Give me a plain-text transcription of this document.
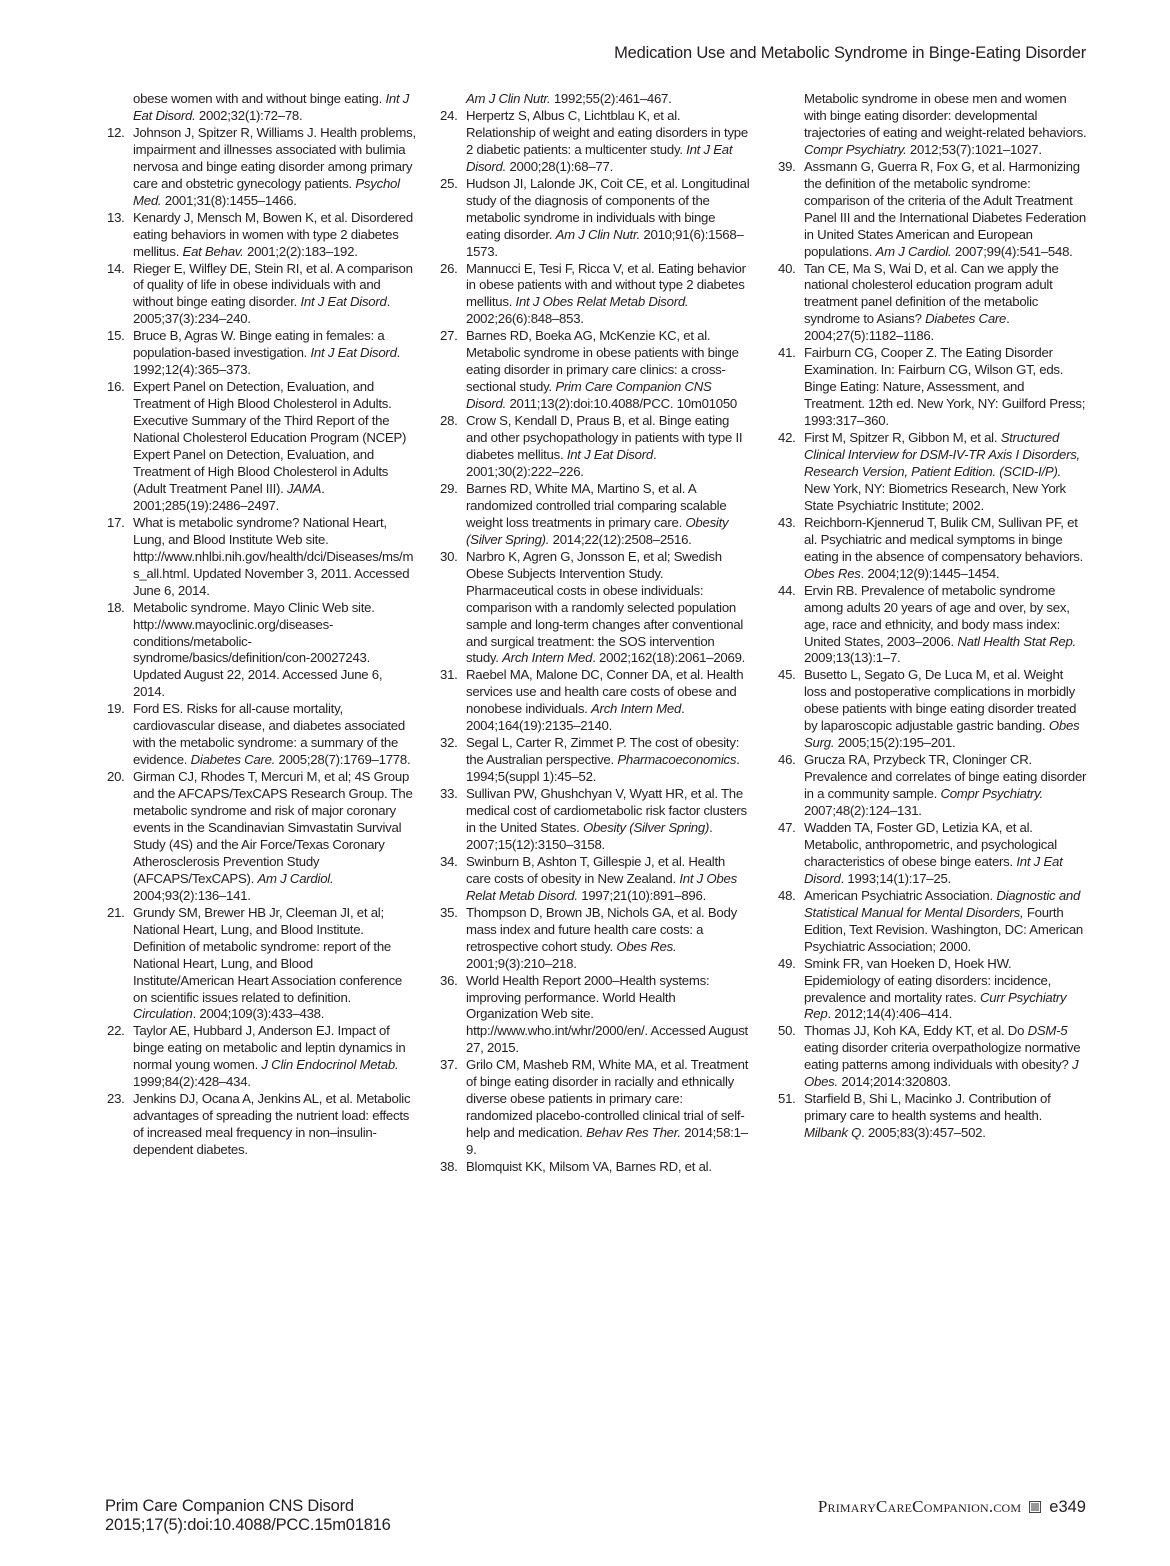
Medication Use and Metabolic Syndrome in Binge-Eating Disorder
obese women with and without binge eating. Int J Eat Disord. 2002;32(1):72–78.
12. Johnson J, Spitzer R, Williams J. Health problems, impairment and illnesses associated with bulimia nervosa and binge eating disorder among primary care and obstetric gynecology patients. Psychol Med. 2001;31(8):1455–1466.
13. Kenardy J, Mensch M, Bowen K, et al. Disordered eating behaviors in women with type 2 diabetes mellitus. Eat Behav. 2001;2(2):183–192.
14. Rieger E, Wilfley DE, Stein RI, et al. A comparison of quality of life in obese individuals with and without binge eating disorder. Int J Eat Disord. 2005;37(3):234–240.
15. Bruce B, Agras W. Binge eating in females: a population-based investigation. Int J Eat Disord. 1992;12(4):365–373.
16. Expert Panel on Detection, Evaluation, and Treatment of High Blood Cholesterol in Adults. Executive Summary of the Third Report of the National Cholesterol Education Program (NCEP) Expert Panel on Detection, Evaluation, and Treatment of High Blood Cholesterol in Adults (Adult Treatment Panel III). JAMA. 2001;285(19):2486–2497.
17. What is metabolic syndrome? National Heart, Lung, and Blood Institute Web site. http://www.nhlbi.nih.gov/health/dci/Diseases/ms/ms_all.html. Updated November 3, 2011. Accessed June 6, 2014.
18. Metabolic syndrome. Mayo Clinic Web site. http://www.mayoclinic.org/diseases-conditions/metabolic-syndrome/basics/definition/con-20027243. Updated August 22, 2014. Accessed June 6, 2014.
19. Ford ES. Risks for all-cause mortality, cardiovascular disease, and diabetes associated with the metabolic syndrome: a summary of the evidence. Diabetes Care. 2005;28(7):1769–1778.
20. Girman CJ, Rhodes T, Mercuri M, et al; 4S Group and the AFCAPS/TexCAPS Research Group. The metabolic syndrome and risk of major coronary events in the Scandinavian Simvastatin Survival Study (4S) and the Air Force/Texas Coronary Atherosclerosis Prevention Study (AFCAPS/TexCAPS). Am J Cardiol. 2004;93(2):136–141.
21. Grundy SM, Brewer HB Jr, Cleeman JI, et al; National Heart, Lung, and Blood Institute. Definition of metabolic syndrome: report of the National Heart, Lung, and Blood Institute/American Heart Association conference on scientific issues related to definition. Circulation. 2004;109(3):433–438.
22. Taylor AE, Hubbard J, Anderson EJ. Impact of binge eating on metabolic and leptin dynamics in normal young women. J Clin Endocrinol Metab. 1999;84(2):428–434.
23. Jenkins DJ, Ocana A, Jenkins AL, et al. Metabolic advantages of spreading the nutrient load: effects of increased meal frequency in non–insulin-dependent diabetes.
Am J Clin Nutr. 1992;55(2):461–467.
24. Herpertz S, Albus C, Lichtblau K, et al. Relationship of weight and eating disorders in type 2 diabetic patients: a multicenter study. Int J Eat Disord. 2000;28(1):68–77.
25. Hudson JI, Lalonde JK, Coit CE, et al. Longitudinal study of the diagnosis of components of the metabolic syndrome in individuals with binge eating disorder. Am J Clin Nutr. 2010;91(6):1568–1573.
26. Mannucci E, Tesi F, Ricca V, et al. Eating behavior in obese patients with and without type 2 diabetes mellitus. Int J Obes Relat Metab Disord. 2002;26(6):848–853.
27. Barnes RD, Boeka AG, McKenzie KC, et al. Metabolic syndrome in obese patients with binge eating disorder in primary care clinics: a cross-sectional study. Prim Care Companion CNS Disord. 2011;13(2):doi:10.4088/PCC. 10m01050
28. Crow S, Kendall D, Praus B, et al. Binge eating and other psychopathology in patients with type II diabetes mellitus. Int J Eat Disord. 2001;30(2):222–226.
29. Barnes RD, White MA, Martino S, et al. A randomized controlled trial comparing scalable weight loss treatments in primary care. Obesity (Silver Spring). 2014;22(12):2508–2516.
30. Narbro K, Agren G, Jonsson E, et al; Swedish Obese Subjects Intervention Study. Pharmaceutical costs in obese individuals: comparison with a randomly selected population sample and long-term changes after conventional and surgical treatment: the SOS intervention study. Arch Intern Med. 2002;162(18):2061–2069.
31. Raebel MA, Malone DC, Conner DA, et al. Health services use and health care costs of obese and nonobese individuals. Arch Intern Med. 2004;164(19):2135–2140.
32. Segal L, Carter R, Zimmet P. The cost of obesity: the Australian perspective. Pharmacoeconomics. 1994;5(suppl 1):45–52.
33. Sullivan PW, Ghushchyan V, Wyatt HR, et al. The medical cost of cardiometabolic risk factor clusters in the United States. Obesity (Silver Spring). 2007;15(12):3150–3158.
34. Swinburn B, Ashton T, Gillespie J, et al. Health care costs of obesity in New Zealand. Int J Obes Relat Metab Disord. 1997;21(10):891–896.
35. Thompson D, Brown JB, Nichols GA, et al. Body mass index and future health care costs: a retrospective cohort study. Obes Res. 2001;9(3):210–218.
36. World Health Report 2000–Health systems: improving performance. World Health Organization Web site. http://www.who.int/whr/2000/en/. Accessed August 27, 2015.
37. Grilo CM, Masheb RM, White MA, et al. Treatment of binge eating disorder in racially and ethnically diverse obese patients in primary care: randomized placebo-controlled clinical trial of self-help and medication. Behav Res Ther. 2014;58:1–9.
38. Blomquist KK, Milsom VA, Barnes RD, et al.
Metabolic syndrome in obese men and women with binge eating disorder: developmental trajectories of eating and weight-related behaviors. Compr Psychiatry. 2012;53(7):1021–1027.
39. Assmann G, Guerra R, Fox G, et al. Harmonizing the definition of the metabolic syndrome: comparison of the criteria of the Adult Treatment Panel III and the International Diabetes Federation in United States American and European populations. Am J Cardiol. 2007;99(4):541–548.
40. Tan CE, Ma S, Wai D, et al. Can we apply the national cholesterol education program adult treatment panel definition of the metabolic syndrome to Asians? Diabetes Care. 2004;27(5):1182–1186.
41. Fairburn CG, Cooper Z. The Eating Disorder Examination. In: Fairburn CG, Wilson GT, eds. Binge Eating: Nature, Assessment, and Treatment. 12th ed. New York, NY: Guilford Press; 1993:317–360.
42. First M, Spitzer R, Gibbon M, et al. Structured Clinical Interview for DSM-IV-TR Axis I Disorders, Research Version, Patient Edition. (SCID-I/P). New York, NY: Biometrics Research, New York State Psychiatric Institute; 2002.
43. Reichborn-Kjennerud T, Bulik CM, Sullivan PF, et al. Psychiatric and medical symptoms in binge eating in the absence of compensatory behaviors. Obes Res. 2004;12(9):1445–1454.
44. Ervin RB. Prevalence of metabolic syndrome among adults 20 years of age and over, by sex, age, race and ethnicity, and body mass index: United States, 2003–2006. Natl Health Stat Rep. 2009;13(13):1–7.
45. Busetto L, Segato G, De Luca M, et al. Weight loss and postoperative complications in morbidly obese patients with binge eating disorder treated by laparoscopic adjustable gastric banding. Obes Surg. 2005;15(2):195–201.
46. Grucza RA, Przybeck TR, Cloninger CR. Prevalence and correlates of binge eating disorder in a community sample. Compr Psychiatry. 2007;48(2):124–131.
47. Wadden TA, Foster GD, Letizia KA, et al. Metabolic, anthropometric, and psychological characteristics of obese binge eaters. Int J Eat Disord. 1993;14(1):17–25.
48. American Psychiatric Association. Diagnostic and Statistical Manual for Mental Disorders, Fourth Edition, Text Revision. Washington, DC: American Psychiatric Association; 2000.
49. Smink FR, van Hoeken D, Hoek HW. Epidemiology of eating disorders: incidence, prevalence and mortality rates. Curr Psychiatry Rep. 2012;14(4):406–414.
50. Thomas JJ, Koh KA, Eddy KT, et al. Do DSM-5 eating disorder criteria overpathologize normative eating patterns among individuals with obesity? J Obes. 2014;2014:320803.
51. Starfield B, Shi L, Macinko J. Contribution of primary care to health systems and health. Milbank Q. 2005;83(3):457–502.
Prim Care Companion CNS Disord
2015;17(5):doi:10.4088/PCC.15m01816
PrimaryCareCompanion.com e349
